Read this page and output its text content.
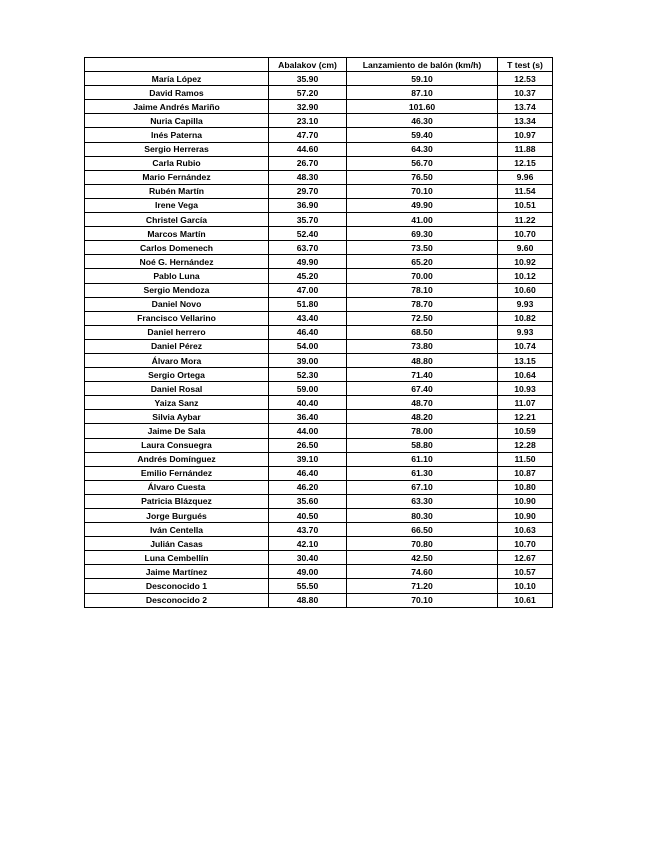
	Abalakov (cm)	Lanzamiento de balón (km/h)	T test (s)
María López	35.90	59.10	12.53
David Ramos	57.20	87.10	10.37
Jaime Andrés Mariño	32.90	101.60	13.74
Nuria Capilla	23.10	46.30	13.34
Inés Paterna	47.70	59.40	10.97
Sergio Herreras	44.60	64.30	11.88
Carla Rubio	26.70	56.70	12.15
Mario Fernández	48.30	76.50	9.96
Rubén Martín	29.70	70.10	11.54
Irene Vega	36.90	49.90	10.51
Christel García	35.70	41.00	11.22
Marcos Martín	52.40	69.30	10.70
Carlos Domenech	63.70	73.50	9.60
Noé G. Hernández	49.90	65.20	10.92
Pablo Luna	45.20	70.00	10.12
Sergio Mendoza	47.00	78.10	10.60
Daniel Novo	51.80	78.70	9.93
Francisco Vellarino	43.40	72.50	10.82
Daniel herrero	46.40	68.50	9.93
Daniel Pérez	54.00	73.80	10.74
Álvaro Mora	39.00	48.80	13.15
Sergio Ortega	52.30	71.40	10.64
Daniel Rosal	59.00	67.40	10.93
Yaiza Sanz	40.40	48.70	11.07
Silvia Aybar	36.40	48.20	12.21
Jaime De Sala	44.00	78.00	10.59
Laura Consuegra	26.50	58.80	12.28
Andrés Domínguez	39.10	61.10	11.50
Emilio Fernández	46.40	61.30	10.87
Álvaro Cuesta	46.20	67.10	10.80
Patricia Blázquez	35.60	63.30	10.90
Jorge Burgués	40.50	80.30	10.90
Iván Centella	43.70	66.50	10.63
Julián Casas	42.10	70.80	10.70
Luna Cembellín	30.40	42.50	12.67
Jaime Martínez	49.00	74.60	10.57
Desconocido 1	55.50	71.20	10.10
Desconocido 2	48.80	70.10	10.61
